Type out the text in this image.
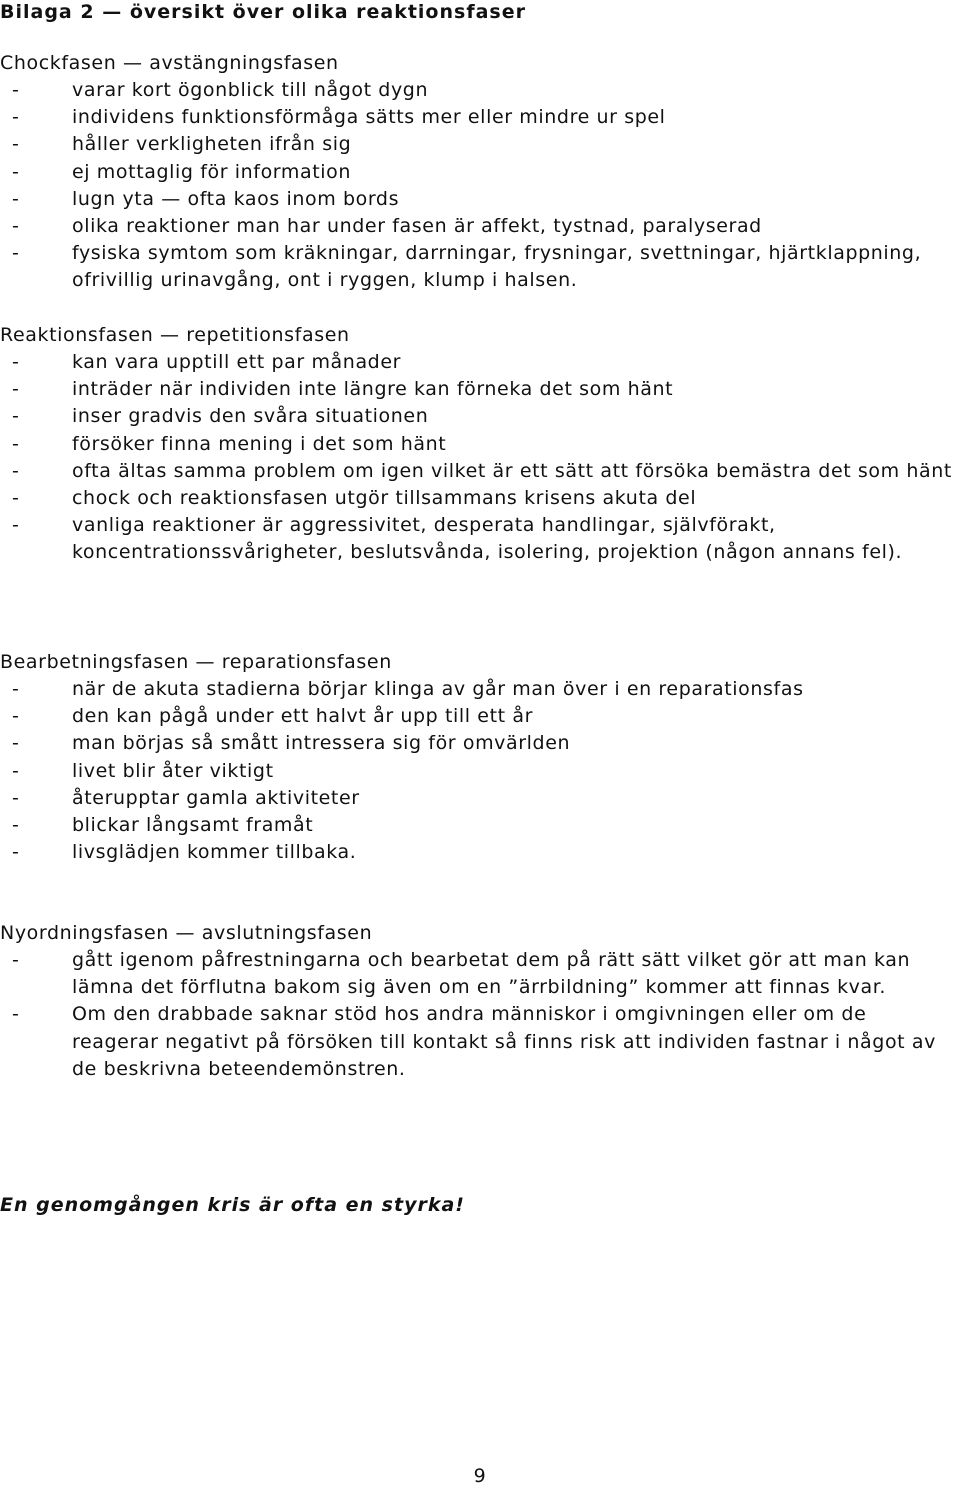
Bilaga 2 — översikt över olika reaktionsfaser
Chockfasen — avstängningsfasen
-	varar kort ögonblick till något dygn
-	individens funktionsförmåga sätts mer eller mindre ur spel
-	håller verkligheten ifrån sig
-	ej mottaglig för information
-	lugn yta — ofta kaos inom bords
-	olika reaktioner man har under fasen är affekt, tystnad, paralyserad
-	fysiska symtom som kräkningar, darrningar, frysningar, svettningar, hjärtklappning, ofrivillig urinavgång, ont i ryggen, klump i halsen.
Reaktionsfasen — repetitionsfasen
-	kan vara upptill ett par månader
-	inträder när individen inte längre kan förneka det som hänt
-	inser gradvis den svåra situationen
-	försöker finna mening i det som hänt
-	ofta ältas samma problem om igen vilket är ett sätt att försöka bemästra det som hänt
-	chock och reaktionsfasen utgör tillsammans krisens akuta del
-	vanliga reaktioner är aggressivitet, desperata handlingar, självförakt, koncentrationssvårigheter, beslutsvånda, isolering, projektion (någon annans fel).
Bearbetningsfasen — reparationsfasen
-	när de akuta stadierna börjar klinga av går man över i en reparationsfas
-	den kan pågå under ett halvt år upp till ett år
-	man börjas så smått intressera sig för omvärlden
-	livet blir åter viktigt
-	återupptar gamla aktiviteter
-	blickar långsamt framåt
-	livsglädjen kommer tillbaka.
Nyordningsfasen — avslutningsfasen
-	gått igenom påfrestningarna och bearbetat dem på rätt sätt vilket gör att man kan lämna det förflutna bakom sig även om en ”ärrbildning” kommer att finnas kvar.
-	Om den drabbade saknar stöd hos andra människor i omgivningen eller om de reagerar negativt på försöken till kontakt så finns risk att individen fastnar i något av de beskrivna beteendemönstren.

En genomgången kris är ofta en styrka!

9
